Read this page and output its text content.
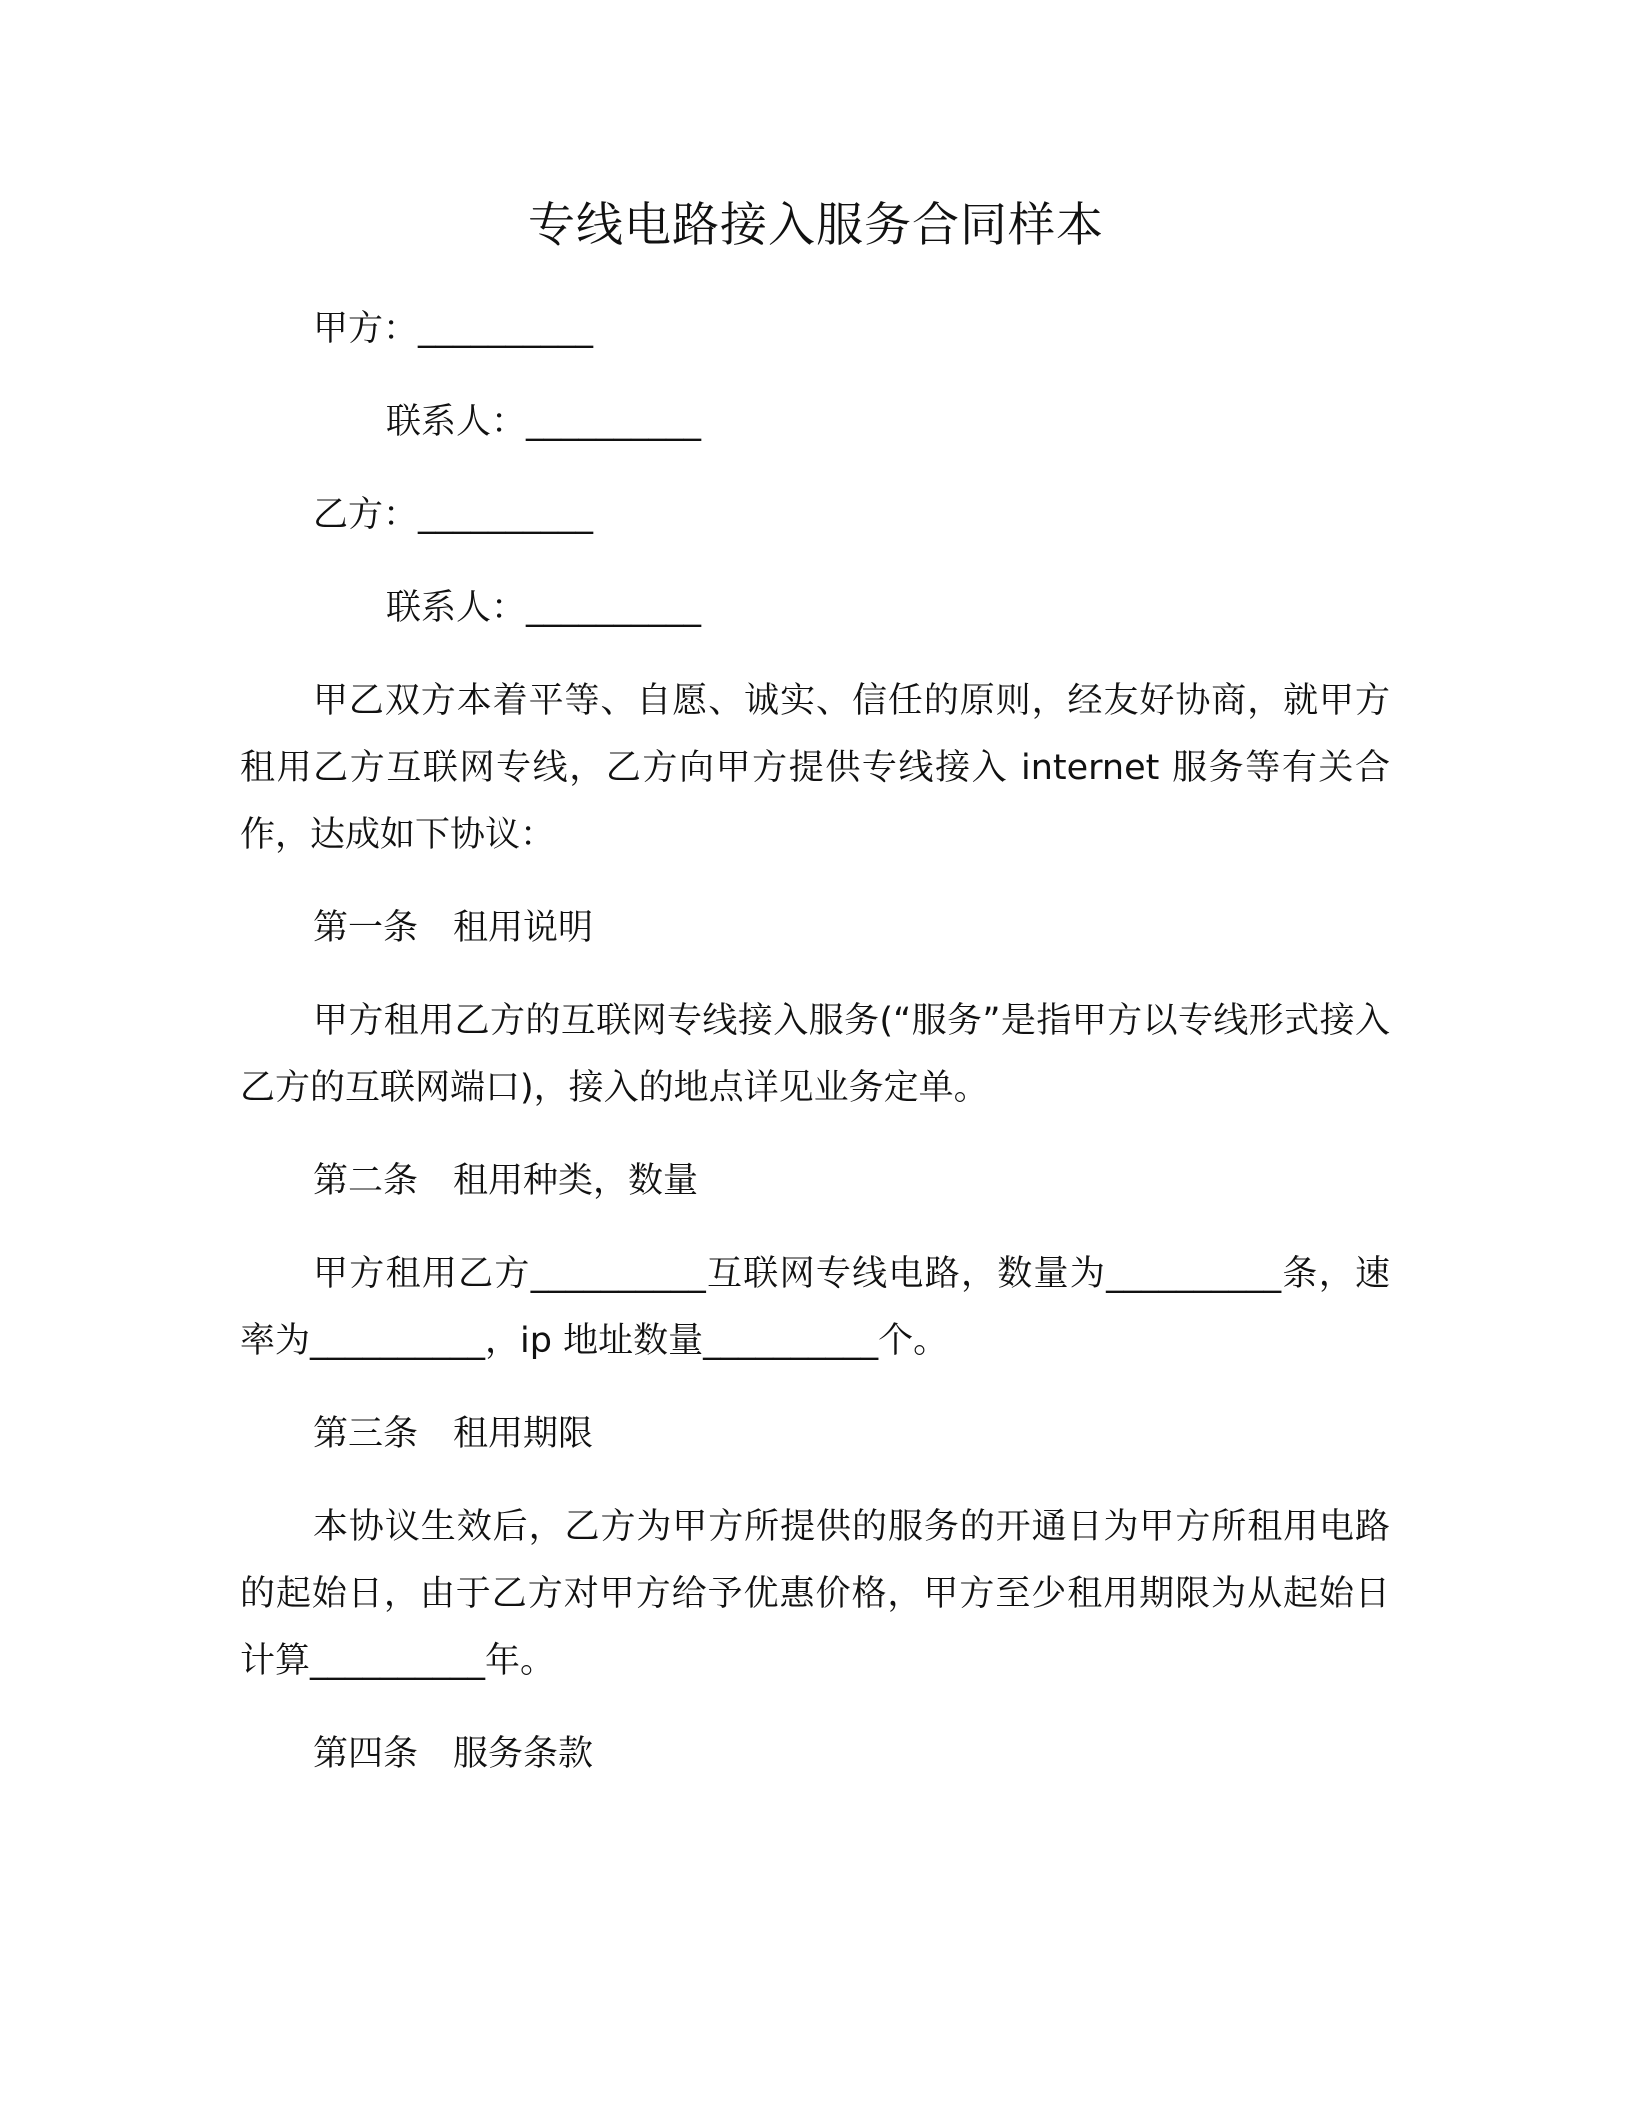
专线电路接入服务合同样本
甲方：__________
联系人：__________
乙方：__________
联系人：__________
甲乙双方本着平等、自愿、诚实、信任的原则，经友好协商，就甲方租用乙方互联网专线，乙方向甲方提供专线接入 internet 服务等有关合作，达成如下协议：
第一条　租用说明
甲方租用乙方的互联网专线接入服务(“服务”是指甲方以专线形式接入乙方的互联网端口)，接入的地点详见业务定单。
第二条　租用种类，数量
甲方租用乙方__________互联网专线电路，数量为__________条，速率为__________，ip 地址数量__________个。
第三条　租用期限
本协议生效后，乙方为甲方所提供的服务的开通日为甲方所租用电路的起始日，由于乙方对甲方给予优惠价格，甲方至少租用期限为从起始日计算__________年。
第四条　服务条款
